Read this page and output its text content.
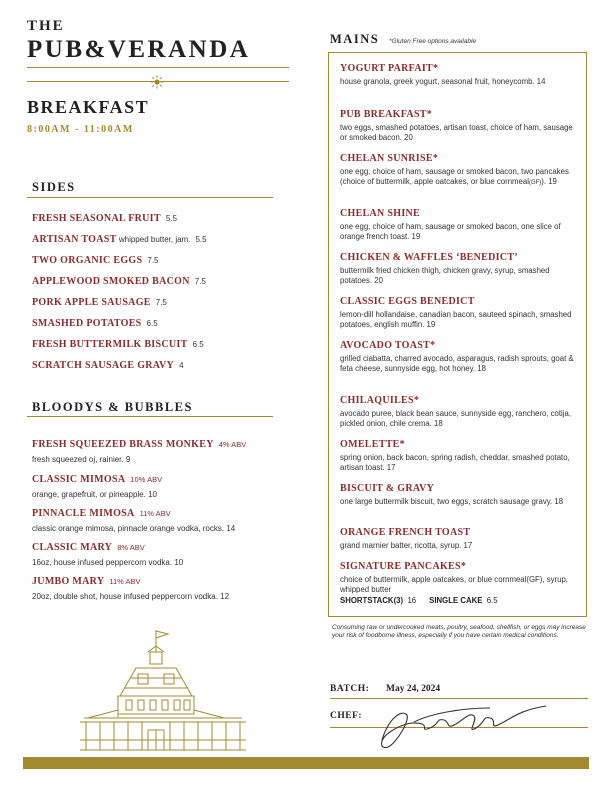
THE
PUB&VERANDA
BREAKFAST
8:00AM - 11:00AM
SIDES
FRESH SEASONAL FRUIT 5.5
ARTISAN TOAST whipped butter, jam. 5.5
TWO ORGANIC EGGS 7.5
APPLEWOOD SMOKED BACON 7.5
PORK APPLE SAUSAGE 7.5
SMASHED POTATOES 6.5
FRESH BUTTERMILK BISCUIT 6.5
SCRATCH SAUSAGE GRAVY 4
BLOODYS & BUBBLES
FRESH SQUEEZED BRASS MONKEY 4% ABV
fresh squeezed oj, rainier. 9
CLASSIC MIMOSA 10% ABV
orange, grapefruit, or pineapple. 10
PINNACLE MIMOSA 11% ABV
classic orange mimosa, pinnacle orange vodka, rocks. 14
CLASSIC MARY 8% ABV
16oz, house infused peppercorn vodka. 10
JUMBO MARY 11% ABV
20oz, double shot, house infused peppercorn vodka. 12
MAINS *Gluten Free options available
YOGURT PARFAIT*
house granola, greek yogurt, seasonal fruit, honeycomb. 14
PUB BREAKFAST*
two eggs, smashed potatoes, artisan toast, choice of ham, sausage or smoked bacon. 20
CHELAN SUNRISE*
one egg, choice of ham, sausage or smoked bacon, two pancakes (choice of buttermilk, apple oatcakes, or blue cornmeal(GF)). 19
CHELAN SHINE
one egg, choice of ham, sausage or smoked bacon, one slice of orange french toast. 19
CHICKEN & WAFFLES ‘BENEDICT’
buttermilk fried chicken thigh, chicken gravy, syrup, smashed potatoes. 20
CLASSIC EGGS BENEDICT
lemon-dill hollandaise, canadian bacon, sauteed spinach, smashed potatoes, english muffin. 19
AVOCADO TOAST*
grilled ciabatta, charred avocado, asparagus, radish sprouts, goat & feta cheese, sunnyside egg, hot honey. 18
CHILAQUILES*
avocado puree, black bean sauce, sunnyside egg, ranchero, cotija, pickled onion, chile crema. 18
OMELETTE*
spring onion, back bacon, spring radish, cheddar, smashed potato, artisan toast. 17
BISCUIT & GRAVY
one large buttermilk biscuit, two eggs, scratch sausage gravy. 18
ORANGE FRENCH TOAST
grand marnier batter, ricotta, syrup. 17
SIGNATURE PANCAKES*
choice of buttermilk, apple oatcakes, or blue cornmeal(GF), syrup, whipped butter
SHORTSTACK(3) 16 SINGLE CAKE 6.5
Consuming raw or undercooked meats, poultry, seafood, shellfish, or eggs may increase your risk of foodborne illness, especially if you have certain medical conditions.
BATCH: May 24, 2024
CHEF:
